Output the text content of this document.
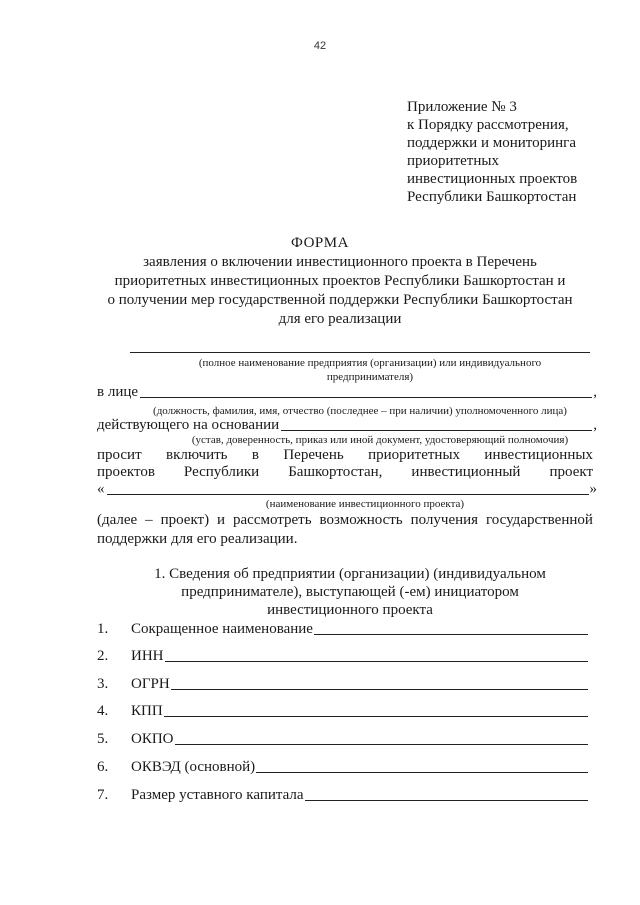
42
Приложение № 3
к Порядку рассмотрения,
поддержки и мониторинга
приоритетных
инвестиционных проектов
Республики Башкортостан
ФОРМА
заявления о включении инвестиционного проекта в Перечень
приоритетных инвестиционных проектов Республики Башкортостан и
о получении мер государственной поддержки Республики Башкортостан
для его реализации
(полное наименование предприятия (организации) или индивидуального
предпринимателя)
в лице	,
(должность, фамилия, имя, отчество (последнее – при наличии) уполномоченного лица)
действующего на основании	,
(устав, доверенность, приказ или иной документ, удостоверяющий полномочия)
просит включить в Перечень приоритетных инвестиционных
проектов Республики Башкортостан, инвестиционный проект
«	»
(наименование инвестиционного проекта)
(далее – проект) и рассмотреть возможность получения государственной
поддержки для его реализации.
1. Сведения об предприятии (организации) (индивидуальном
предпринимателе), выступающей (-ем) инициатором
инвестиционного проекта
1.	Сокращенное наименование
2.	ИНН
3.	ОГРН
4.	КПП
5.	ОКПО
6.	ОКВЭД (основной)
7.	Размер уставного капитала
